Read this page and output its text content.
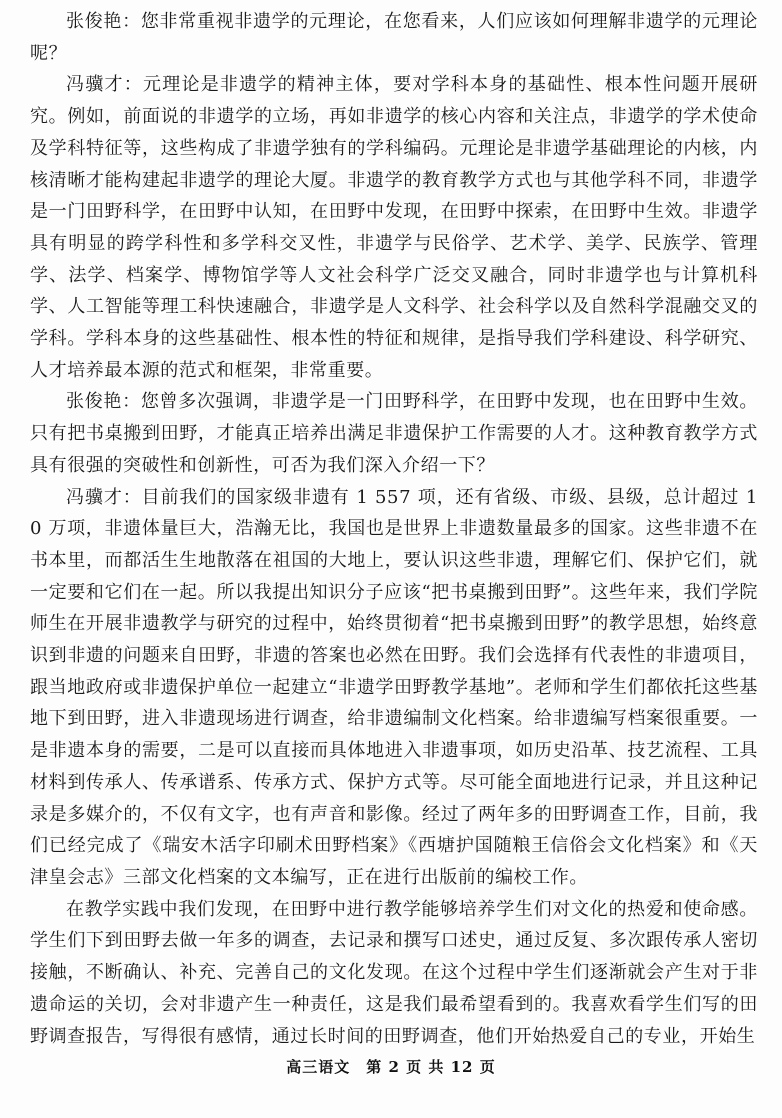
张俊艳：您非常重视非遗学的元理论，在您看来，人们应该如何理解非遗学的元理论呢？

冯骥才：元理论是非遗学的精神主体，要对学科本身的基础性、根本性问题开展研究。例如，前面说的非遗学的立场，再如非遗学的核心内容和关注点，非遗学的学术使命及学科特征等，这些构成了非遗学独有的学科编码。元理论是非遗学基础理论的内核，内核清晰才能构建起非遗学的理论大厦。非遗学的教育教学方式也与其他学科不同，非遗学是一门田野科学，在田野中认知，在田野中发现，在田野中探索，在田野中生效。非遗学具有明显的跨学科性和多学科交叉性，非遗学与民俗学、艺术学、美学、民族学、管理学、法学、档案学、博物馆学等人文社会科学广泛交叉融合，同时非遗学也与计算机科学、人工智能等理工科快速融合，非遗学是人文科学、社会科学以及自然科学混融交叉的学科。学科本身的这些基础性、根本性的特征和规律，是指导我们学科建设、科学研究、人才培养最本源的范式和框架，非常重要。

张俊艳：您曾多次强调，非遗学是一门田野科学，在田野中发现，也在田野中生效。只有把书桌搬到田野，才能真正培养出满足非遗保护工作需要的人才。这种教育教学方式具有很强的突破性和创新性，可否为我们深入介绍一下？

冯骥才：目前我们的国家级非遗有 1 557 项，还有省级、市级、县级，总计超过 10 万项，非遗体量巨大，浩瀚无比，我国也是世界上非遗数量最多的国家。这些非遗不在书本里，而都活生生地散落在祖国的大地上，要认识这些非遗，理解它们、保护它们，就一定要和它们在一起。所以我提出知识分子应该“把书桌搬到田野”。这些年来，我们学院师生在开展非遗教学与研究的过程中，始终贯彻着“把书桌搬到田野”的教学思想，始终意识到非遗的问题来自田野，非遗的答案也必然在田野。我们会选择有代表性的非遗项目，跟当地政府或非遗保护单位一起建立“非遗学田野教学基地”。老师和学生们都依托这些基地下到田野，进入非遗现场进行调查，给非遗编制文化档案。给非遗编写档案很重要。一是非遗本身的需要，二是可以直接而具体地进入非遗事项，如历史沿革、技艺流程、工具材料到传承人、传承谱系、传承方式、保护方式等。尽可能全面地进行记录，并且这种记录是多媒介的，不仅有文字，也有声音和影像。经过了两年多的田野调查工作，目前，我们已经完成了《瑞安木活字印刷术田野档案》《西塘护国随粮王信俗会文化档案》和《天津皇会志》三部文化档案的文本编写，正在进行出版前的编校工作。

在教学实践中我们发现，在田野中进行教学能够培养学生们对文化的热爱和使命感。学生们下到田野去做一年多的调查，去记录和撰写口述史，通过反复、多次跟传承人密切接触，不断确认、补充、完善自己的文化发现。在这个过程中学生们逐渐就会产生对于非遗命运的关切，会对非遗产生一种责任，这是我们最希望看到的。我喜欢看学生们写的田野调查报告，写得很有感情，通过长时间的田野调查，他们开始热爱自己的专业，开始生

高三语文　第 2 页 共 12 页
